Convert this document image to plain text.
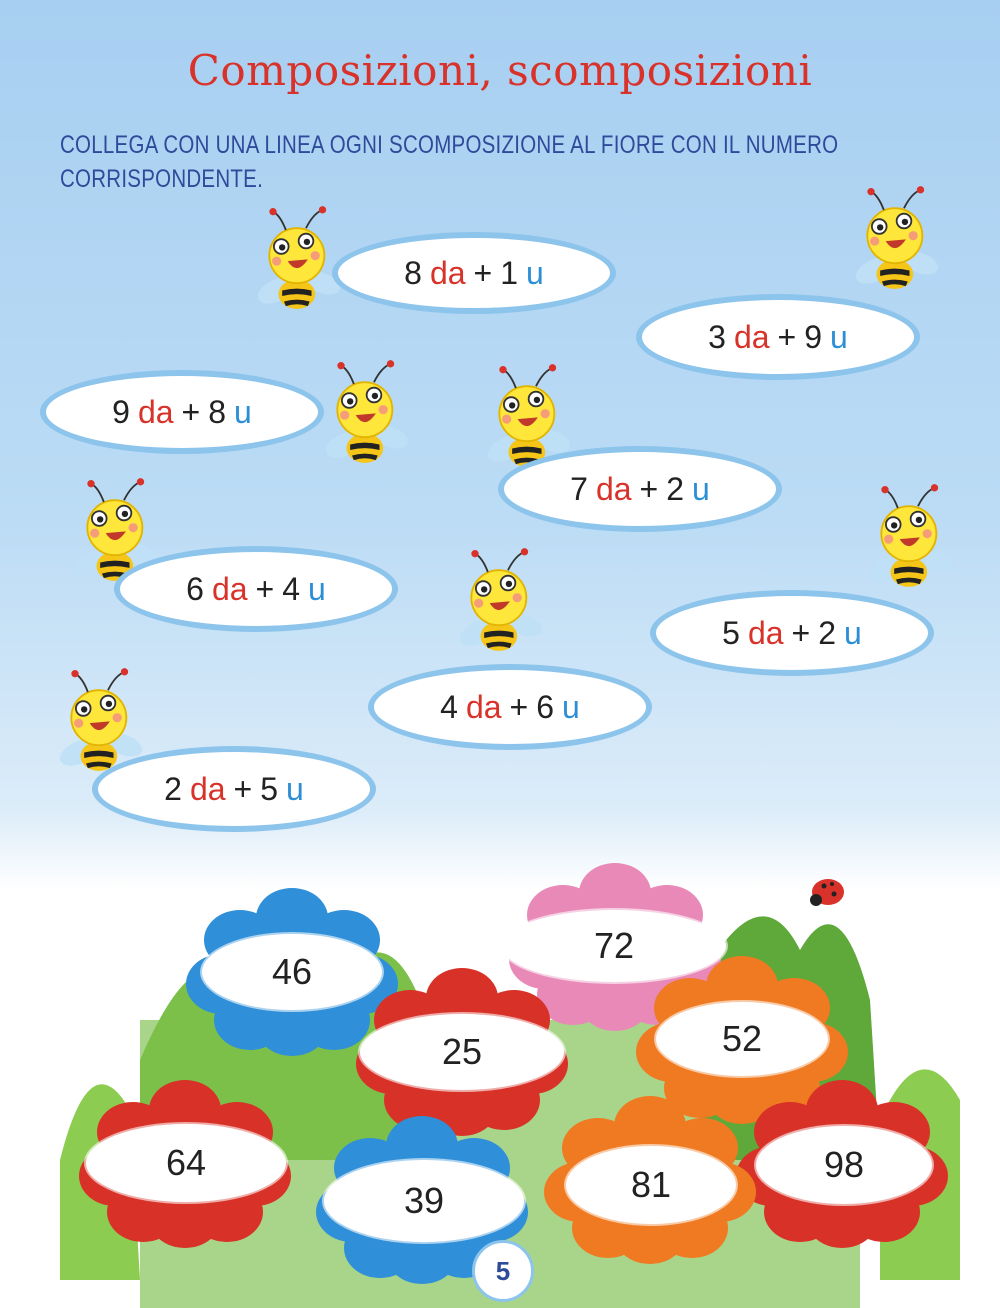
Composizioni, scomposizioni
COLLEGA CON UNA LINEA OGNI SCOMPOSIZIONE AL FIORE CON IL NUMERO CORRISPONDENTE.
8 da + 1 u
3 da + 9 u
9 da + 8 u
7 da + 2 u
6 da + 4 u
5 da + 2 u
4 da + 6 u
2 da + 5 u
46
72
25	52
64
39	81	98
5
